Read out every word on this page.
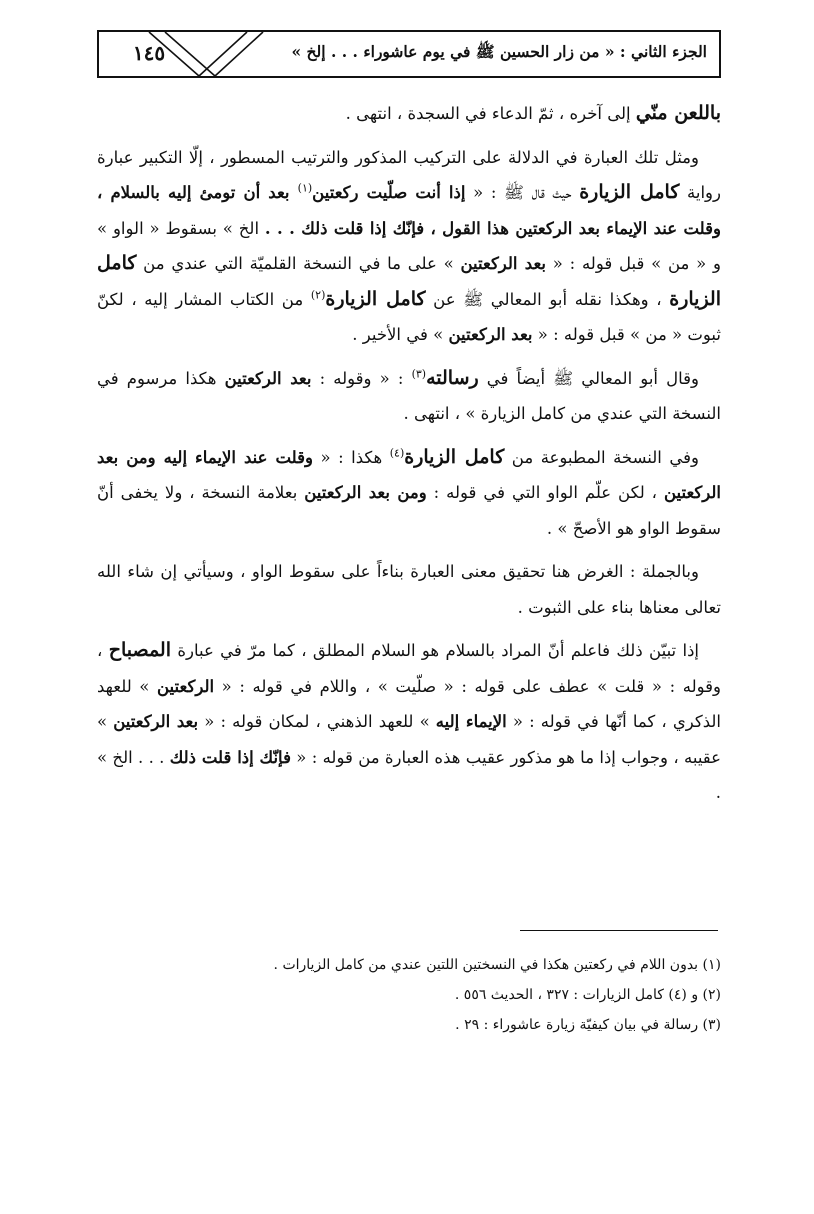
١٤٥	الجزء الثاني : « من زار الحسين ﷺ في يوم عاشوراء . . . إلخ »

باللعن منّي إلى آخره ، ثمّ الدعاء في السجدة ، انتهى .

ومثل تلك العبارة في الدلالة على التركيب المذكور والترتيب المسطور ، إلّا التكبير عبارة رواية كامل الزيارة حيث قال ﷺ : « إذا أنت صلّيت ركعتين$^{(١)}$ بعد أن تومئ إليه بالسلام ، وقلت عند الإيماء بعد الركعتين هذا القول ، فإنّك إذا قلت ذلك . . . الخ » بسقوط « الواو » و « من » قبل قوله : « بعد الركعتين » على ما في النسخة القلميّة التي عندي من كامل الزيارة ، وهكذا نقله أبو المعالي ﷺ عن كامل الزيارة$^{(٢)}$ من الكتاب المشار إليه ، لكنّ ثبوت « من » قبل قوله : « بعد الركعتين » في الأخير .

وقال أبو المعالي ﷺ أيضاً في رسالته$^{(٣)}$ : « وقوله : بعد الركعتين هكذا مرسوم في النسخة التي عندي من كامل الزيارة » ، انتهى .

وفي النسخة المطبوعة من كامل الزيارة$^{(٤)}$ هكذا : « وقلت عند الإيماء إليه ومن بعد الركعتين ، لكن علّم الواو التي في قوله : ومن بعد الركعتين بعلامة النسخة ، ولا يخفى أنّ سقوط الواو هو الأصحّ » .

وبالجملة : الغرض هنا تحقيق معنى العبارة بناءاً على سقوط الواو ، وسيأتي إن شاء الله تعالى معناها بناء على الثبوت .

إذا تبيّن ذلك فاعلم أنّ المراد بالسلام هو السلام المطلق ، كما مرّ في عبارة المصباح ، وقوله : « قلت » عطف على قوله : « صلّيت » ، واللام في قوله : « الركعتين » للعهد الذكري ، كما أنّها في قوله : « الإيماء إليه » للعهد الذهني ، لمكان قوله : « بعد الركعتين » عقيبه ، وجواب إذا ما هو مذكور عقيب هذه العبارة من قوله : « فإنّك إذا قلت ذلك . . . الخ » .

(١) بدون اللام في ركعتين هكذا في النسختين اللتين عندي من كامل الزيارات .

(٢) و (٤) كامل الزيارات : ٣٢٧ ، الحديث ٥٥٦ .

(٣) رسالة في بيان كيفيّة زيارة عاشوراء : ٢٩ .
